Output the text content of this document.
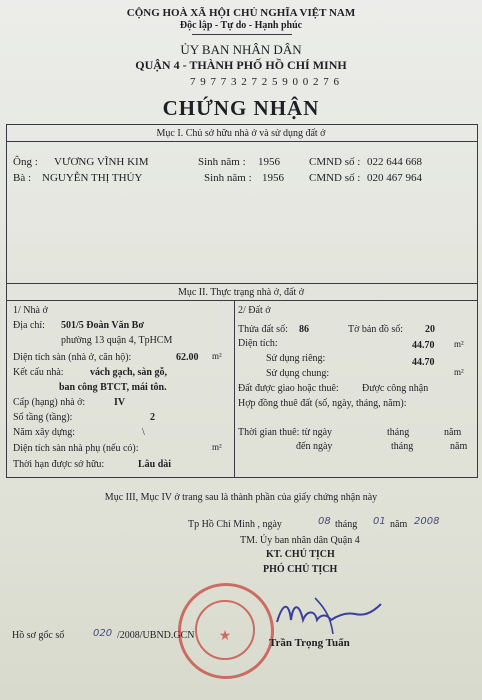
CỘNG HOÀ XÃ HỘI CHỦ NGHĨA VIỆT NAM
Độc lập - Tự do - Hạnh phúc
ỦY BAN NHÂN DÂN
QUẬN 4 - THÀNH PHỐ HỒ CHÍ MINH
7 9 7 7 3 2 7 2 5 9 0 0 2 7 6
CHỨNG NHẬN
Mục I. Chủ sở hữu nhà ở và sử dụng đất ở
Ông : VƯƠNG VĨNH KIM	Sinh năm : 1956	CMND số : 022 644 668
Bà : NGUYỄN THỊ THỦY	Sinh năm : 1956 CMND số : 020 467 964
Mục II. Thực trạng nhà ở, đất ở
1/ Nhà ở
Địa chỉ: 501/5 Đoàn Văn Bơ
phường 13 quận 4, TpHCM
Diện tích sàn (nhà ở, căn hộ):	62.00 m²
Kết cấu nhà:	vách gạch, sàn gỗ,
ban công BTCT, mái tôn.
Cấp (hạng) nhà ở:	IV
Số tầng (tầng):	2
Năm xây dựng:	\
Diện tích sàn nhà phụ (nếu có):	m²
Thời hạn được sở hữu:	Lâu dài
2/ Đất ở
Thửa đất số: 86	Tờ bản đồ số: 20
Diện tích:	44.70 m²
Sử dụng riêng:	44.70
Sử dụng chung:	m²
Đất được giao hoặc thuê: Được công nhận
Hợp đồng thuê đất (số, ngày, tháng, năm):
Thời gian thuê: từ ngày	tháng	năm
đến ngày	tháng	năm
Mục III, Mục IV ở trang sau là thành phần của giấy chứng nhận này
Tp Hồ Chí Minh , ngày	08 tháng 01 năm 2008
TM. Ủy ban nhân dân Quận 4
KT. CHỦ TỊCH
PHÓ CHỦ TỊCH
★	Trần Trọng Tuấn
Hồ sơ gốc số	020 /2008/UBND.GCN
